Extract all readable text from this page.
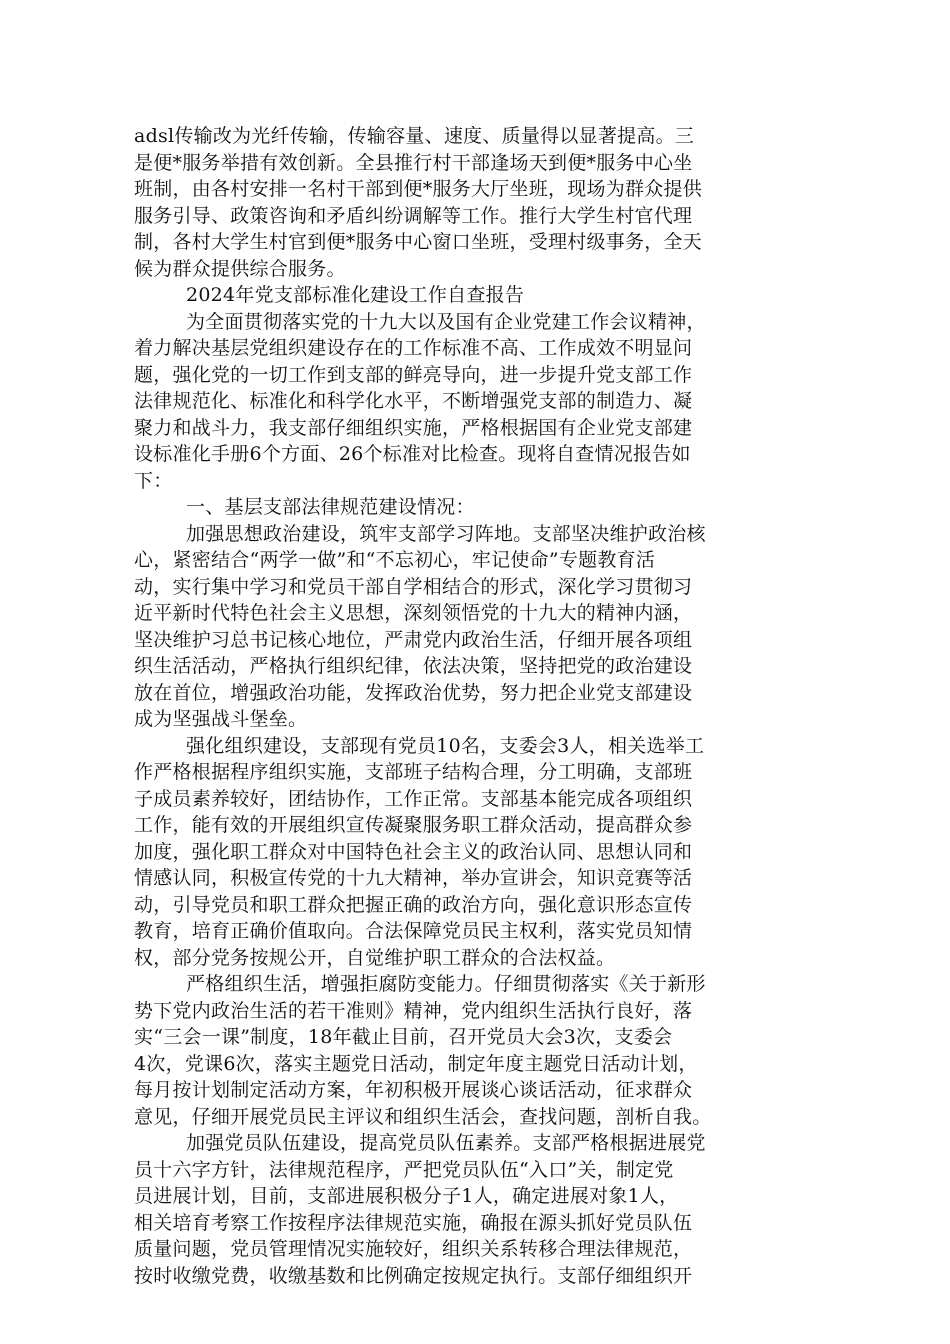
adsl传输改为光纤传输，传输容量、速度、质量得以显著提高。三
是便*服务举措有效创新。全县推行村干部逢场天到便*服务中心坐
班制，由各村安排一名村干部到便*服务大厅坐班，现场为群众提供
服务引导、政策咨询和矛盾纠纷调解等工作。推行大学生村官代理
制，各村大学生村官到便*服务中心窗口坐班，受理村级事务，全天
候为群众提供综合服务。
2024年党支部标准化建设工作自查报告
为全面贯彻落实党的十九大以及国有企业党建工作会议精神，
着力解决基层党组织建设存在的工作标准不高、工作成效不明显问
题，强化党的一切工作到支部的鲜亮导向，进一步提升党支部工作
法律规范化、标准化和科学化水平，不断增强党支部的制造力、凝
聚力和战斗力，我支部仔细组织实施，严格根据国有企业党支部建
设标准化手册6个方面、26个标准对比检查。现将自查情况报告如
下：
一、基层支部法律规范建设情况：
加强思想政治建设，筑牢支部学习阵地。支部坚决维护政治核
心，紧密结合“两学一做”和“不忘初心，牢记使命”专题教育活
动，实行集中学习和党员干部自学相结合的形式，深化学习贯彻习
近平新时代特色社会主义思想，深刻领悟党的十九大的精神内涵，
坚决维护习总书记核心地位，严肃党内政治生活，仔细开展各项组
织生活活动，严格执行组织纪律，依法决策，坚持把党的政治建设
放在首位，增强政治功能，发挥政治优势，努力把企业党支部建设
成为坚强战斗堡垒。
强化组织建设，支部现有党员10名，支委会3人，相关选举工
作严格根据程序组织实施，支部班子结构合理，分工明确，支部班
子成员素养较好，团结协作，工作正常。支部基本能完成各项组织
工作，能有效的开展组织宣传凝聚服务职工群众活动，提高群众参
加度，强化职工群众对中国特色社会主义的政治认同、思想认同和
情感认同，积极宣传党的十九大精神，举办宣讲会，知识竞赛等活
动，引导党员和职工群众把握正确的政治方向，强化意识形态宣传
教育，培育正确价值取向。合法保障党员民主权利，落实党员知情
权，部分党务按规公开，自觉维护职工群众的合法权益。
严格组织生活，增强拒腐防变能力。仔细贯彻落实《关于新形
势下党内政治生活的若干准则》精神，党内组织生活执行良好，落
实“三会一课”制度，18年截止目前，召开党员大会3次，支委会
4次，党课6次，落实主题党日活动，制定年度主题党日活动计划，
每月按计划制定活动方案，年初积极开展谈心谈话活动，征求群众
意见，仔细开展党员民主评议和组织生活会，查找问题，剖析自我。
加强党员队伍建设，提高党员队伍素养。支部严格根据进展党
员十六字方针，法律规范程序，严把党员队伍“入口”关，制定党
员进展计划，目前，支部进展积极分子1人，确定进展对象1人，
相关培育考察工作按程序法律规范实施，确报在源头抓好党员队伍
质量问题，党员管理情况实施较好，组织关系转移合理法律规范，
按时收缴党费，收缴基数和比例确定按规定执行。支部仔细组织开
